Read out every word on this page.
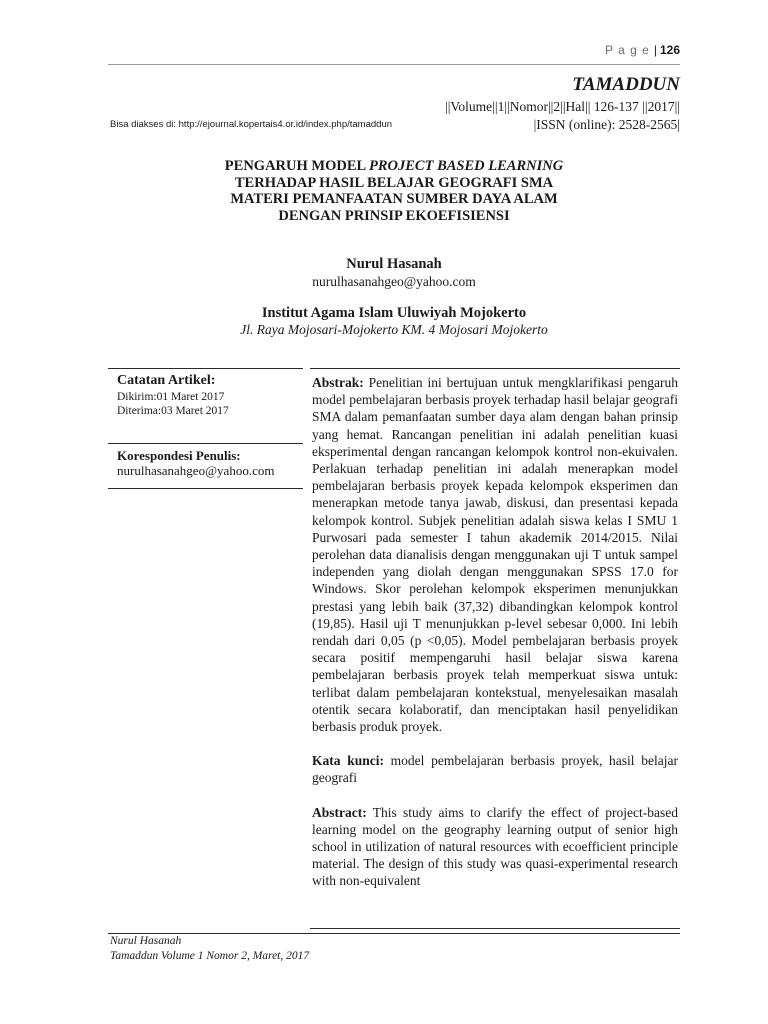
P a g e | 126
TAMADDUN
||Volume||1||Nomor||2||Hal|| 126-137 ||2017||
Bisa diakses di: http://ejournal.kopertais4.or.id/index.php/tamaddun	|ISSN (online): 2528-2565|
PENGARUH MODEL PROJECT BASED LEARNING
TERHADAP HASIL BELAJAR GEOGRAFI SMA
MATERI PEMANFAATAN SUMBER DAYA ALAM
DENGAN PRINSIP EKOEFISIENSI
Nurul Hasanah
nurulhasanahgeo@yahoo.com
Institut Agama Islam Uluwiyah Mojokerto
Jl. Raya Mojosari-Mojokerto KM. 4 Mojosari Mojokerto
Catatan Artikel:
Dikirim:01 Maret 2017
Diterima:03 Maret 2017
Korespondesi Penulis:
nurulhasanahgeo@yahoo.com

Abstrak: Penelitian ini bertujuan untuk mengklarifikasi pengaruh model pembelajaran berbasis proyek terhadap hasil belajar geografi SMA dalam pemanfaatan sumber daya alam dengan bahan prinsip yang hemat. Rancangan penelitian ini adalah penelitian kuasi eksperimental dengan rancangan kelompok kontrol non-ekuivalen. Perlakuan terhadap penelitian ini adalah menerapkan model pembelajaran berbasis proyek kepada kelompok eksperimen dan menerapkan metode tanya jawab, diskusi, dan presentasi kepada kelompok kontrol. Subjek penelitian adalah siswa kelas I SMU 1 Purwosari pada semester I tahun akademik 2014/2015. Nilai perolehan data dianalisis dengan menggunakan uji T untuk sampel independen yang diolah dengan menggunakan SPSS 17.0 for Windows. Skor perolehan kelompok eksperimen menunjukkan prestasi yang lebih baik (37,32) dibandingkan kelompok kontrol (19,85). Hasil uji T menunjukkan p-level sebesar 0,000. Ini lebih rendah dari 0,05 (p <0,05). Model pembelajaran berbasis proyek secara positif mempengaruhi hasil belajar siswa karena pembelajaran berbasis proyek telah memperkuat siswa untuk: terlibat dalam pembelajaran kontekstual, menyelesaikan masalah otentik secara kolaboratif, dan menciptakan hasil penyelidikan berbasis produk proyek.

Kata kunci: model pembelajaran berbasis proyek, hasil belajar geografi

Abstract: This study aims to clarify the effect of project-based learning model on the geography learning output of senior high school in utilization of natural resources with ecoefficient principle material. The design of this study was quasi-experimental research with non-equivalent

Nurul Hasanah
Tamaddun Volume 1 Nomor 2, Maret, 2017
